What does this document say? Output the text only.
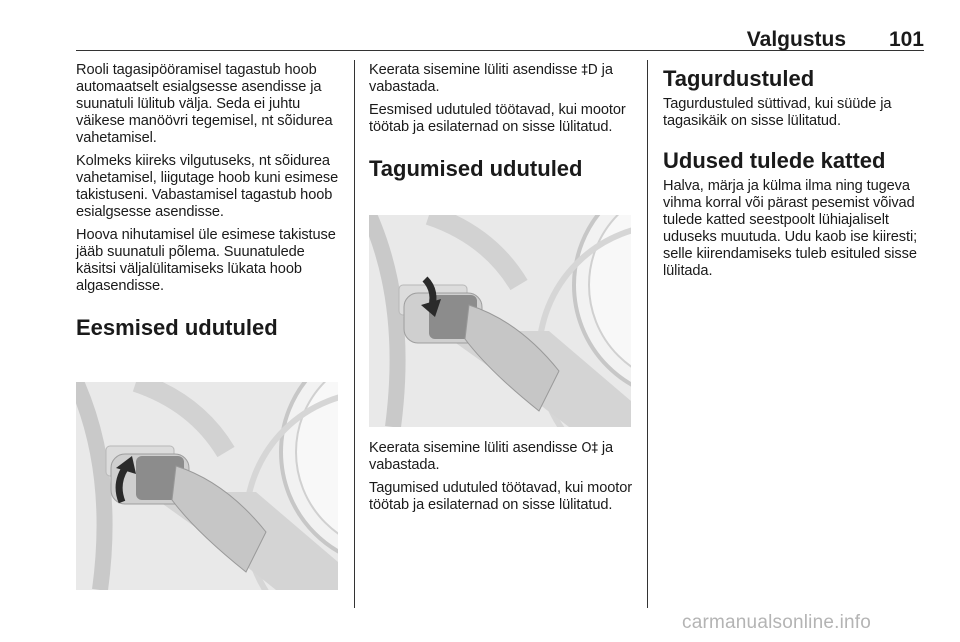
Valgustus 101

Rooli tagasipööramisel tagastub hoob automaatselt esialgsesse asendisse ja suunatuli lülitub välja. Seda ei juhtu väikese manöövri tegemisel, nt sõidurea vahetamisel.

Kolmeks kiireks vilgutuseks, nt sõidurea vahetamisel, liigutage hoob kuni esimese takistuseni. Vabastamisel tagastub hoob esialgsesse asendisse.

Hoova nihutamisel üle esimese takistuse jääb suunatuli põlema. Suunatulede käsitsi väljalülitamiseks lükata hoob algasendisse.

Eesmised udutuled

Keerata sisemine lüliti asendisse ‡D ja vabastada.

Eesmised udutuled töötavad, kui mootor töötab ja esilaternad on sisse lülitatud.

Tagumised udutuled

Keerata sisemine lüliti asendisse O‡ ja vabastada.

Tagumised udutuled töötavad, kui mootor töötab ja esilaternad on sisse lülitatud.

Tagurdustuled

Tagurdustuled süttivad, kui süüde ja tagasikäik on sisse lülitatud.

Udused tulede katted

Halva, märja ja külma ilma ning tugeva vihma korral või pärast pesemist võivad tulede katted seestpoolt lühiajaliselt uduseks muutuda. Udu kaob ise kiiresti; selle kiirendamiseks tuleb esituled sisse lülitada.

carmanualsonline.info
